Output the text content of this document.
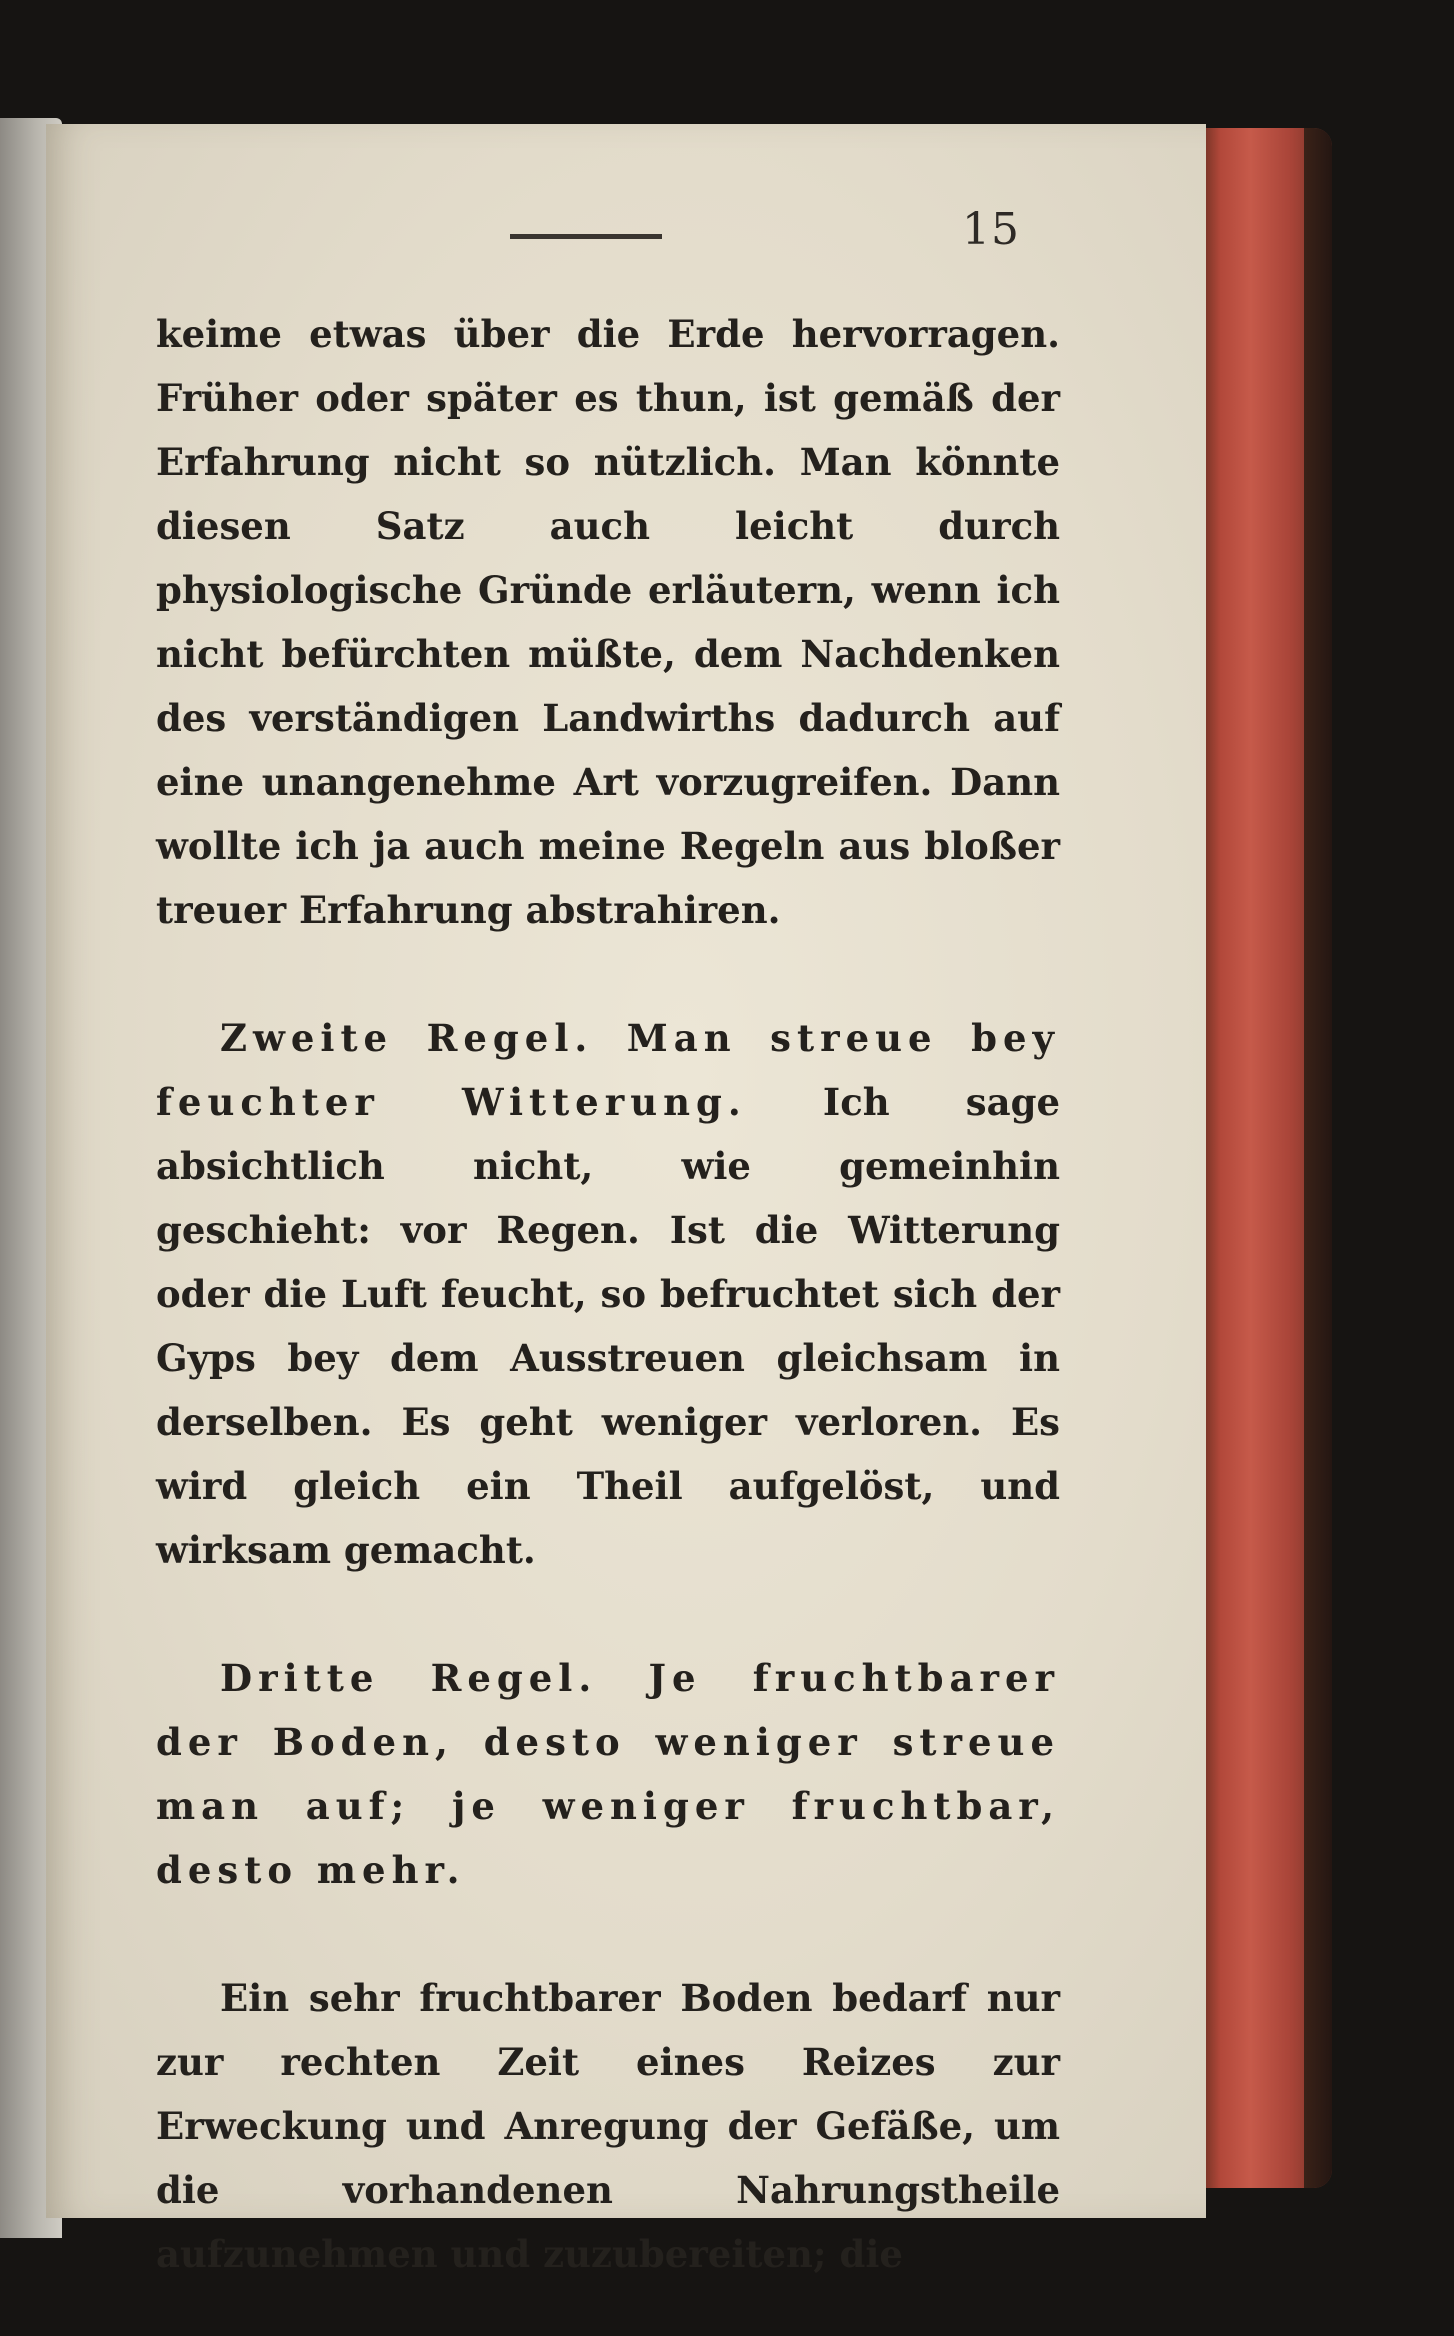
15

keime etwas über die Erde hervorragen. Früher oder später es thun, ist gemäß der Erfahrung nicht so nützlich. Man könnte diesen Satz auch leicht durch physiologische Gründe erläutern, wenn ich nicht befürchten müßte, dem Nachdenken des verständigen Landwirths dadurch auf eine unangenehme Art vorzugreifen. Dann wollte ich ja auch meine Regeln aus bloßer treuer Erfahrung abstrahiren.

Zweite Regel. Man streue bey feuchter Witterung. Ich sage absichtlich nicht, wie gemeinhin geschieht: vor Regen. Ist die Witterung oder die Luft feucht, so befruchtet sich der Gyps bey dem Ausstreuen gleichsam in derselben. Es geht weniger verloren. Es wird gleich ein Theil aufgelöst, und wirksam gemacht.

Dritte Regel. Je fruchtbarer der Boden, desto weniger streue man auf; je weniger fruchtbar, desto mehr.

Ein sehr fruchtbarer Boden bedarf nur zur rechten Zeit eines Reizes zur Erweckung und Anregung der Gefäße, um die vorhandenen Nahrungstheile aufzunehmen und zuzubereiten; die
